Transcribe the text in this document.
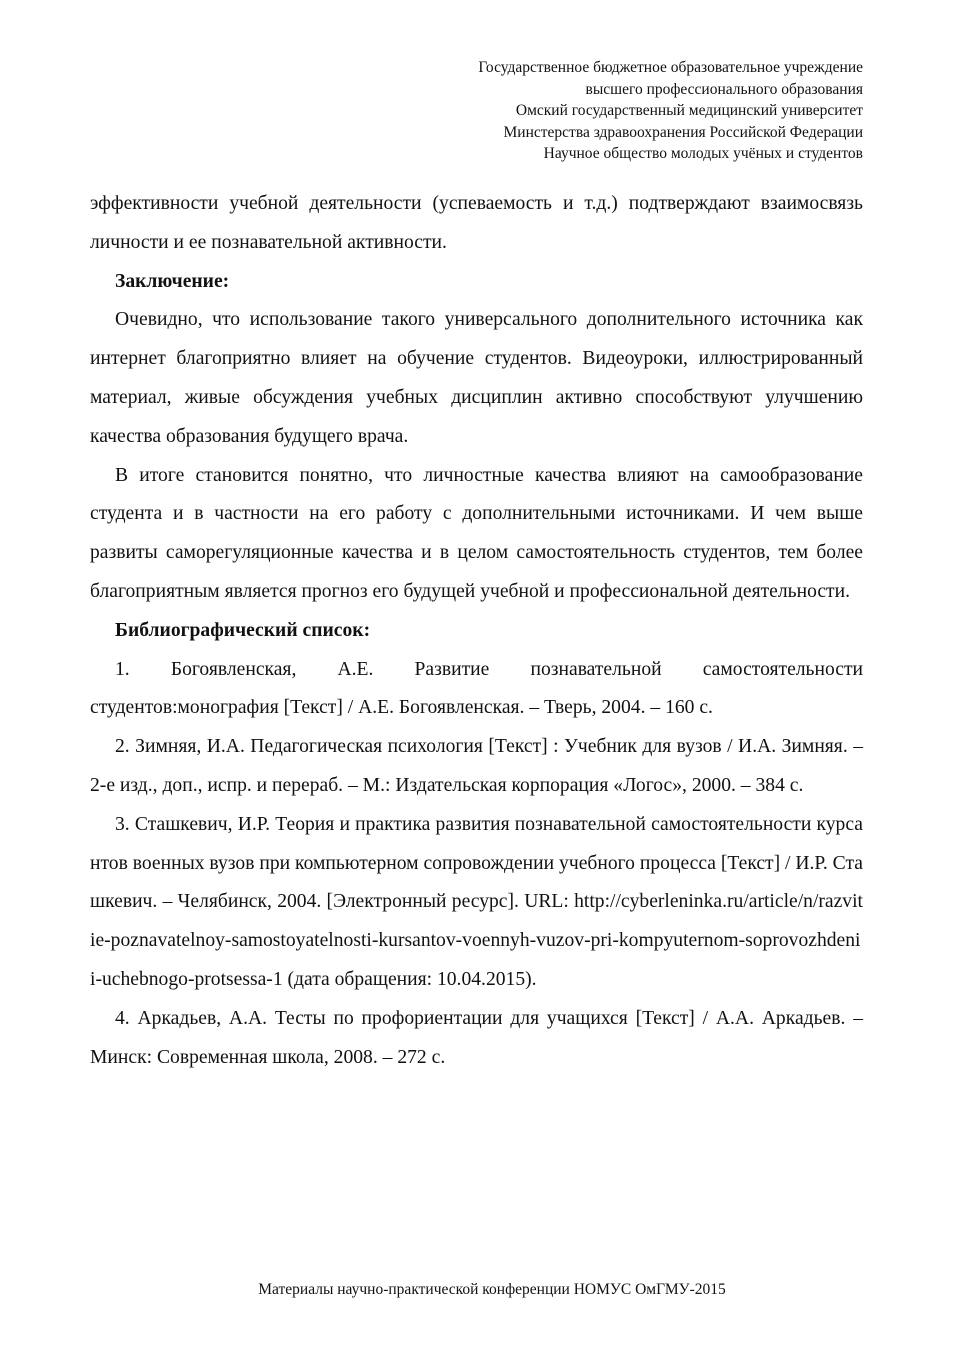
Государственное бюджетное образовательное учреждение
высшего профессионального образования
Омский государственный медицинский университет
Минстерства здравоохранения Российской Федерации
Научное общество молодых учёных и студентов

эффективности учебной деятельности (успеваемость и т.д.) подтверждают взаимосвязь личности и ее познавательной активности.

Заключение:

Очевидно, что использование такого универсального дополнительного источника как интернет благоприятно влияет на обучение студентов. Видеоуроки, иллюстрированный материал, живые обсуждения учебных дисциплин активно способствуют улучшению качества образования будущего врача.

В итоге становится понятно, что личностные качества влияют на самообразование студента и в частности на его работу с дополнительными источниками. И чем выше развиты саморегуляционные качества и в целом самостоятельность студентов, тем более благоприятным является прогноз его будущей учебной и профессиональной деятельности.

Библиографический список:

1. Богоявленская, А.Е. Развитие познавательной самостоятельности студентов:монография [Текст] / А.Е. Богоявленская. – Тверь, 2004. – 160 с.

2. Зимняя, И.А. Педагогическая психология [Текст] : Учебник для вузов / И.А. Зимняя. – 2-е изд., доп., испр. и перераб. – М.: Издательская корпорация «Логос», 2000. – 384 с.

3. Сташкевич, И.Р. Теория и практика развития познавательной самостоятельности курсантов военных вузов при компьютерном сопровождении учебного процесса [Текст] / И.Р. Сташкевич. – Челябинск, 2004. [Электронный ресурс]. URL: http://cyberleninka.ru/article/n/razvitie-poznavatelnoy-samostoyatelnosti-kursantov-voennyh-vuzov-pri-kompyuternom-soprovozhdenii-uchebnogo-protsessa-1 (дата обращения: 10.04.2015).

4. Аркадьев, А.А. Тесты по профориентации для учащихся [Текст] / А.А. Аркадьев. – Минск: Современная школа, 2008. – 272 с.

Материалы научно-практической конференции НОМУС ОмГМУ-2015
